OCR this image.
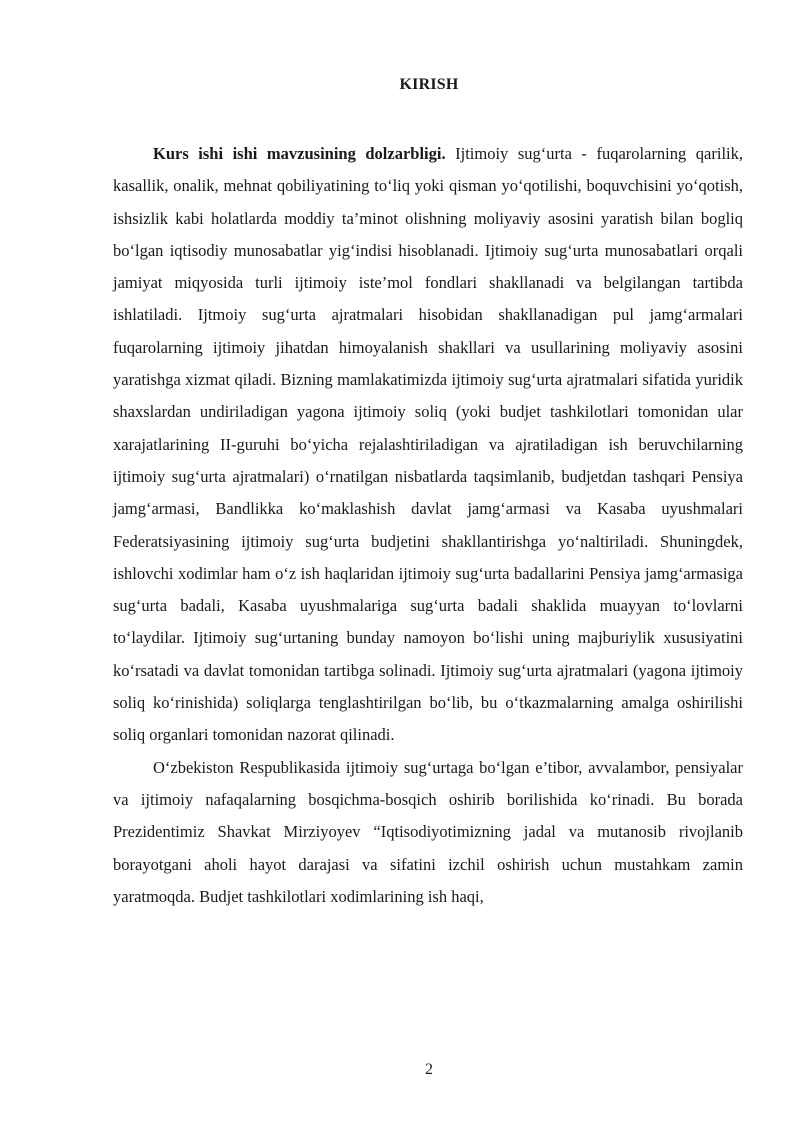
KIRISH

Kurs ishi ishi mavzusining dolzarbligi. Ijtimoiy sug‘urta - fuqarolarning qarilik, kasallik, onalik, mehnat qobiliyatining to‘liq yoki qisman yo‘qotilishi, boquvchisini yo‘qotish, ishsizlik kabi holatlarda moddiy ta’minot olishning moliyaviy asosini yaratish bilan bogliq bo‘lgan iqtisodiy munosabatlar yig‘indisi hisoblanadi. Ijtimoiy sug‘urta munosabatlari orqali jamiyat miqyosida turli ijtimoiy iste’mol fondlari shakllanadi va belgilangan tartibda ishlatiladi. Ijtmoiy sug‘urta ajratmalari hisobidan shakllanadigan pul jamg‘armalari fuqarolarning ijtimoiy jihatdan himoyalanish shakllari va usullarining moliyaviy asosini yaratishga xizmat qiladi. Bizning mamlakatimizda ijtimoiy sug‘urta ajratmalari sifatida yuridik shaxslardan undiriladigan yagona ijtimoiy soliq (yoki budjet tashkilotlari tomonidan ular xarajatlarining II-guruhi bo‘yicha rejalashtiriladigan va ajratiladigan ish beruvchilarning ijtimoiy sug‘urta ajratmalari) o‘rnatilgan nisbatlarda taqsimlanib, budjetdan tashqari Pensiya jamg‘armasi, Bandlikka ko‘maklashish davlat jamg‘armasi va Kasaba uyushmalari Federatsiyasining ijtimoiy sug‘urta budjetini shakllantirishga yo‘naltiriladi. Shuningdek, ishlovchi xodimlar ham o‘z ish haqlaridan ijtimoiy sug‘urta badallarini Pensiya jamg‘armasiga sug‘urta badali, Kasaba uyushmalariga sug‘urta badali shaklida muayyan to‘lovlarni to‘laydilar. Ijtimoiy sug‘urtaning bunday namoyon bo‘lishi uning majburiylik xususiyatini ko‘rsatadi va davlat tomonidan tartibga solinadi. Ijtimoiy sug‘urta ajratmalari (yagona ijtimoiy soliq ko‘rinishida) soliqlarga tenglashtirilgan bo‘lib, bu o‘tkazmalarning amalga oshirilishi soliq organlari tomonidan nazorat qilinadi.

O‘zbekiston Respublikasida ijtimoiy sug‘urtaga bo‘lgan e’tibor, avvalambor, pensiyalar va ijtimoiy nafaqalarning bosqichma-bosqich oshirib borilishida ko‘rinadi. Bu borada Prezidentimiz Shavkat Mirziyoyev “Iqtisodiyotimizning jadal va mutanosib rivojlanib borayotgani aholi hayot darajasi va sifatini izchil oshirish uchun mustahkam zamin yaratmoqda. Budjet tashkilotlari xodimlarining ish haqi,

2
